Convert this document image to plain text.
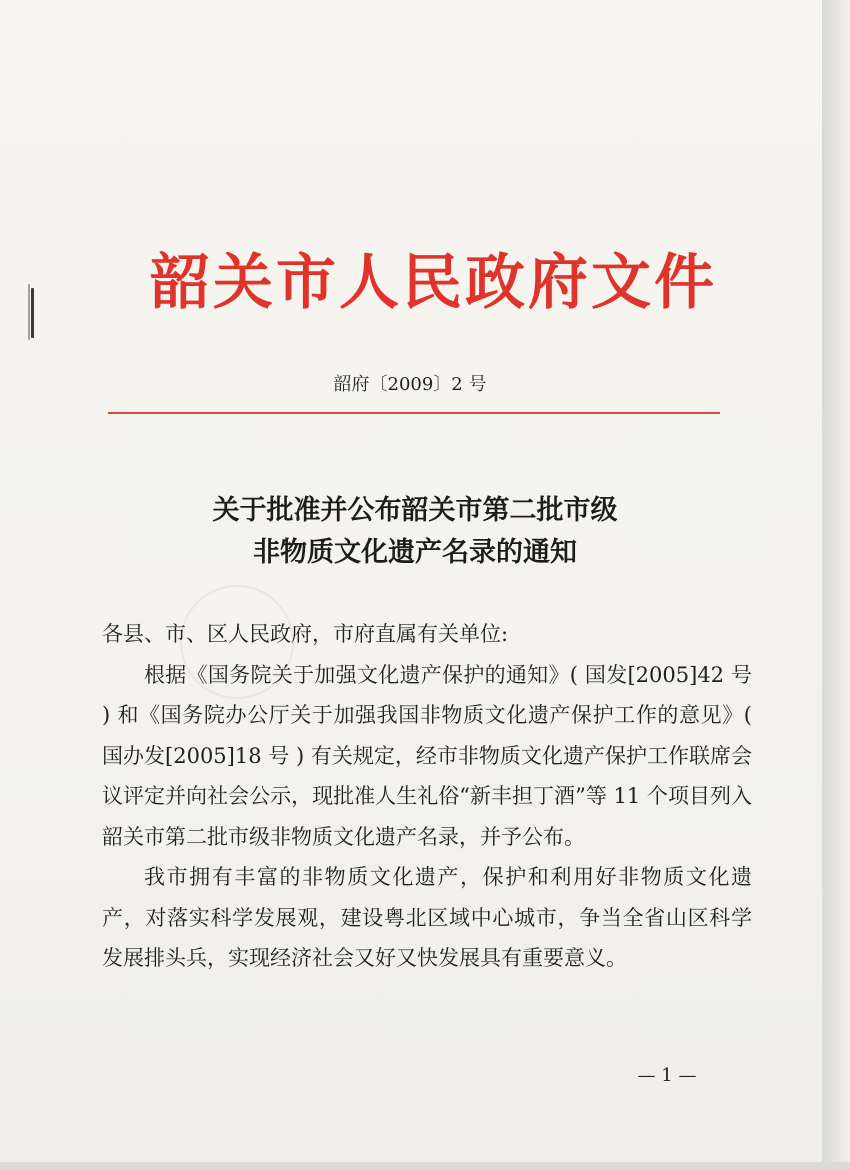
韶关市人民政府文件
韶府〔2009〕2 号
关于批准并公布韶关市第二批市级
非物质文化遗产名录的通知

各县、市、区人民政府，市府直属有关单位:

根据《国务院关于加强文化遗产保护的通知》( 国发[2005]42 号 ) 和《国务院办公厅关于加强我国非物质文化遗产保护工作的意见》( 国办发[2005]18 号 ) 有关规定，经市非物质文化遗产保护工作联席会议评定并向社会公示，现批准人生礼俗“新丰担丁酒”等 11 个项目列入韶关市第二批市级非物质文化遗产名录，并予公布。

我市拥有丰富的非物质文化遗产，保护和利用好非物质文化遗产，对落实科学发展观，建设粤北区域中心城市，争当全省山区科学发展排头兵，实现经济社会又好又快发展具有重要意义。

— 1 —
